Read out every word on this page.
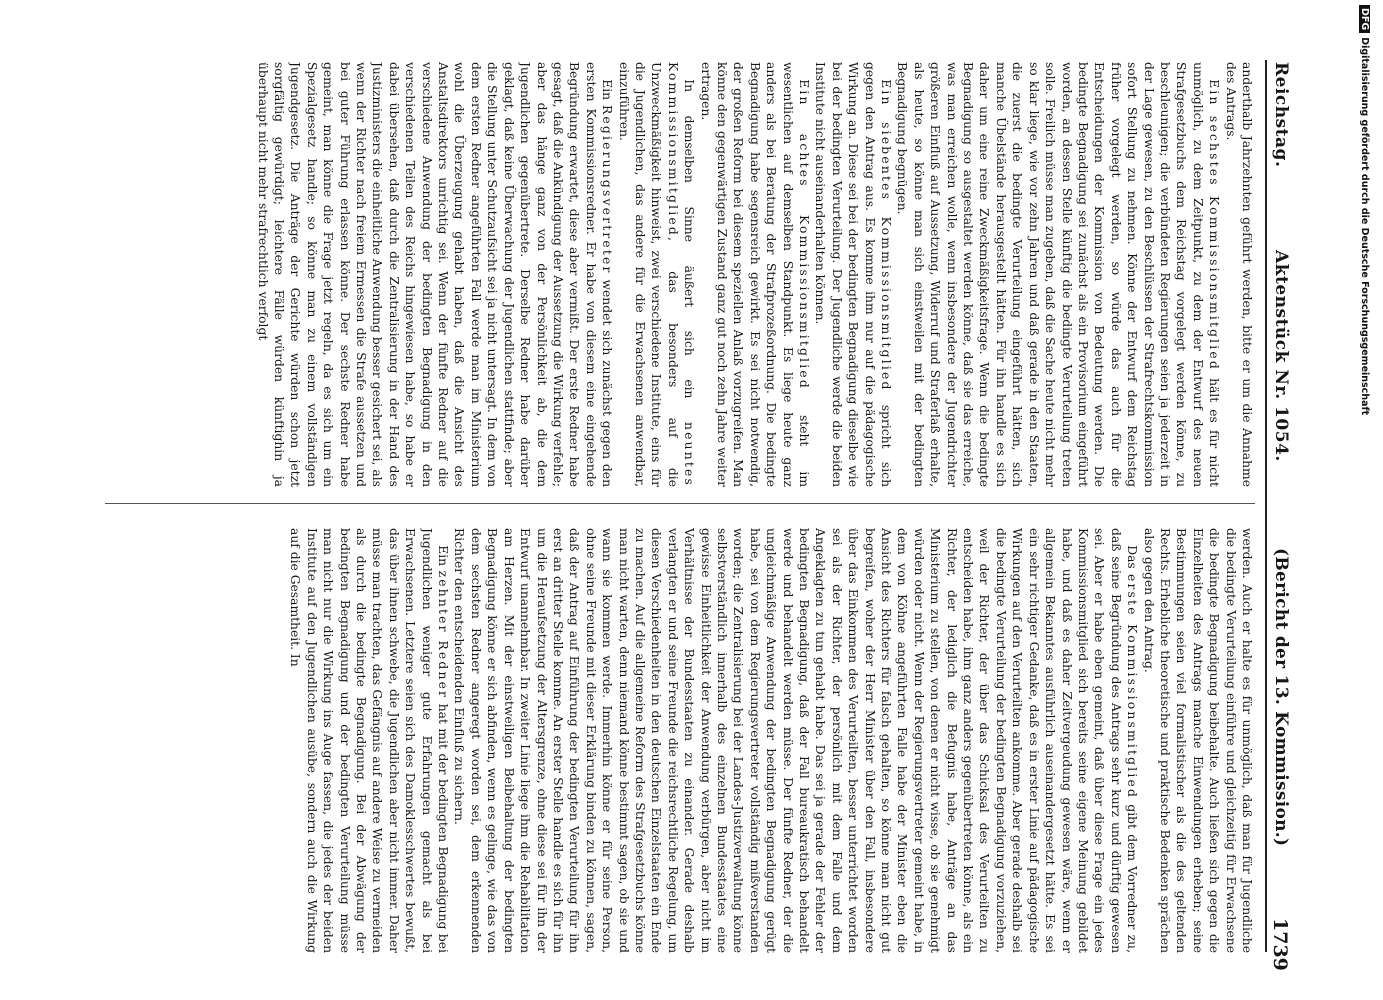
Reichstag.
Aktenstück Nr. 1054.
(Bericht der 13. Kommission.)
1739

anderthalb Jahrzehnten geführt werden, bitte er um die Annahme des Antrags.

Ein sechstes Kommissionsmitglied hält es für nicht unmöglich, zu dem Zeitpunkt, zu dem der Entwurf des neuen Strafgesetzbuchs dem Reichstag vorgelegt werden könne, zu beschleunigen; die verbündeten Regierungen seien ja jederzeit in der Lage gewesen, zu den Beschlüssen der Strafrechtskommission sofort Stellung zu nehmen. Könne der Entwurf dem Reichstag früher vorgelegt werden, so würde das auch für die Entscheidungen der Kommission von Bedeutung werden. Die bedingte Begnadigung sei zunächst als ein Provisorium eingeführt worden, an dessen Stelle künftig die bedingte Verurteilung treten solle. Freilich müsse man zugeben, daß die Sache heute nicht mehr so klar liege, wie vor zehn Jahren und daß gerade in den Staaten, die zuerst die bedingte Verurteilung eingeführt hätten, sich manche Übelstände herausgestellt hätten. Für ihn handle es sich daher um eine reine Zweckmäßigkeitsfrage. Wenn die bedingte Begnadigung so ausgestaltet werden könne, daß sie das erreiche, was man erreichen wolle, wenn insbesondere der Jugendrichter größeren Einfluß auf Aussetzung, Widerruf und Straferlaß erhalte, als heute, so könne man sich einstweilen mit der bedingten Begnadigung begnügen.

Ein siebentes Kommissionsmitglied spricht sich gegen den Antrag aus. Es komme ihm nur auf die pädagogische Wirkung an. Diese sei bei der bedingten Begnadigung dieselbe wie bei der bedingten Verurteilung. Der Jugendliche werde die beiden Institute nicht auseinanderhalten können.

Ein achtes Kommissionsmitglied steht im wesentlichen auf demselben Standpunkt. Es liege heute ganz anders als bei Beratung der Strafprozeßordnung. Die bedingte Begnadigung habe segensreich gewirkt. Es sei nicht notwendig, der großen Reform bei diesem speziellen Anlaß vorzugreifen. Man könne den gegenwärtigen Zustand ganz gut noch zehn Jahre weiter ertragen.

In demselben Sinne äußert sich ein neuntes Kommissionsmitglied, das besonders auf die Unzweckmäßigkeit hinweist, zwei verschiedene Institute, eins für die Jugendlichen, das andere für die Erwachsenen anwendbar, einzuführen.

Ein Regierungsvertreter wendet sich zunächst gegen den ersten Kommissionsredner. Er habe von diesem eine eingehende Begründung erwartet, diese aber vermißt. Der erste Redner habe gesagt, daß die Ankündigung der Aussetzung die Wirkung verfehle; aber das hänge ganz von der Persönlichkeit ab, die dem Jugendlichen gegenübertrete. Derselbe Redner habe darüber geklagt, daß keine Überwachung der Jugendlichen stattfinde; aber die Stellung unter Schutzaufsicht sei ja nicht untersagt. In dem von dem ersten Redner angeführten Fall werde man im Ministerium wohl die Überzeugung gehabt haben, daß die Ansicht des Anstaltsdirektors unrichtig sei. Wenn der fünfte Redner auf die verschiedene Anwendung der bedingten Begnadigung in den verschiedenen Teilen des Reichs hingewiesen habe, so habe er dabei übersehen, daß durch die Zentralisierung in der Hand des Justizministers die einheitliche Anwendung besser gesichert sei, als wenn der Richter nach freiem Ermessen die Strafe aussetzen und bei guter Führung erlassen könne. Der sechste Redner habe gemeint, man könne die Frage jetzt regeln, da es sich um ein Spezialgesetz handle; so könne man zu einem vollständigen Jugendgesetz. Die Anträge der Gerichte würden schon jetzt sorgfältig gewürdigt; leichtere Fälle würden künftighin ja überhaupt nicht mehr strafrechtlich verfolgt

werden. Auch er halte es für unmöglich, daß man für Jugendliche die bedingte Verurteilung einführe und gleichzeitig für Erwachsene die bedingte Begnadigung beibehalte. Auch ließen sich gegen die Einzelheiten des Antrags manche Einwendungen erheben; seine Bestimmungen seien viel formalistischer als die des geltenden Rechts. Erhebliche theoretische und praktische Bedenken sprächen also gegen den Antrag.

Das erste Kommissionsmitglied gibt dem Vorredner zu, daß seine Begründung des Antrags sehr kurz und dürftig gewesen sei. Aber er habe eben gemeint, daß über diese Frage ein jedes Kommissionsmitglied sich bereits seine eigene Meinung gebildet habe, und daß es daher Zeitvergeudung gewesen wäre, wenn er allgemein Bekanntes ausführlich auseinandergesetzt hätte. Es sei ein sehr richtiger Gedanke, daß es in erster Linie auf pädagogische Wirkungen auf den Verurteilten ankomme. Aber gerade deshalb sei die bedingte Verurteilung der bedingten Begnadigung vorzuziehen, weil der Richter, der über das Schicksal des Verurteilten zu entscheiden habe, ihm ganz anders gegenübertreten könne, als ein Richter, der lediglich die Befugnis habe, Anträge an das Ministerium zu stellen, von denen er nicht wisse, ob sie genehmigt würden oder nicht. Wenn der Regierungsvertreter gemeint habe, in dem von Köhne angeführten Falle habe der Minister eben die Ansicht des Richters für falsch gehalten, so könne man nicht gut begreifen, woher der Herr Minister über den Fall, insbesondere über das Einkommen des Verurteilten, besser unterrichtet worden sei als der Richter, der persönlich mit dem Falle und dem Angeklagten zu tun gehabt habe. Das sei ja gerade der Fehler der bedingten Begnadigung, daß der Fall bureaukratisch behandelt werde und behandelt werden müsse. Der fünfte Redner, der die ungleichmäßige Anwendung der bedingten Begnadigung gerügt habe, sei von dem Regierungsvertreter vollständig mißverstanden worden; die Zentralisierung bei der Landes-Justizverwaltung könne selbstverständlich innerhalb des einzelnen Bundesstaates eine gewisse Einheitlichkeit der Anwendung verbürgen, aber nicht im Verhältnisse der Bundesstaaten zu einander. Gerade deshalb verlangten er und seine Freunde die reichsrechtliche Regelung, um diesen Verschiedenheiten in den deutschen Einzelstaaten ein Ende zu machen. Auf die allgemeine Reform des Strafgesetzbuchs könne man nicht warten, denn niemand könne bestimmt sagen, ob sie und wann sie kommen werde. Immerhin könne er für seine Person, ohne seine Freunde mit dieser Erklärung binden zu können, sagen, daß der Antrag auf Einführung der bedingten Verurteilung für ihn erst an dritter Stelle komme. An erster Stelle handle es sich für ihn um die Heraufsetzung der Altersgrenze, ohne diese sei für ihn der Entwurf unannehmbar. In zweiter Linie liege ihm die Rehabilitation am Herzen. Mit der einstweiligen Beibehaltung der bedingten Begnadigung könne er sich abfinden, wenn es gelinge, wie das von dem sechsten Redner angeregt worden sei, dem erkennenden Richter den entscheidenden Einfluß zu sichern.

Ein zehnter Redner hat mit der bedingten Begnadigung bei Jugendlichen weniger gute Erfahrungen gemacht als bei Erwachsenen. Letztere seien sich des Damoklesschwertes bewußt, das über ihnen schwebe, die Jugendlichen aber nicht immer. Daher müsse man trachten, das Gefängnis auf andere Weise zu vermeiden als durch die bedingte Begnadigung. Bei der Abwägung der bedingten Begnadigung und der bedingten Verurteilung müsse man nicht nur die Wirkung ins Auge fassen, die jedes der beiden Institute auf den Jugendlichen ausübe, sondern auch die Wirkung auf die Gesamtheit. In

DFGDigitalisierung gefördert durch die Deutsche Forschungsgemeinschaft
